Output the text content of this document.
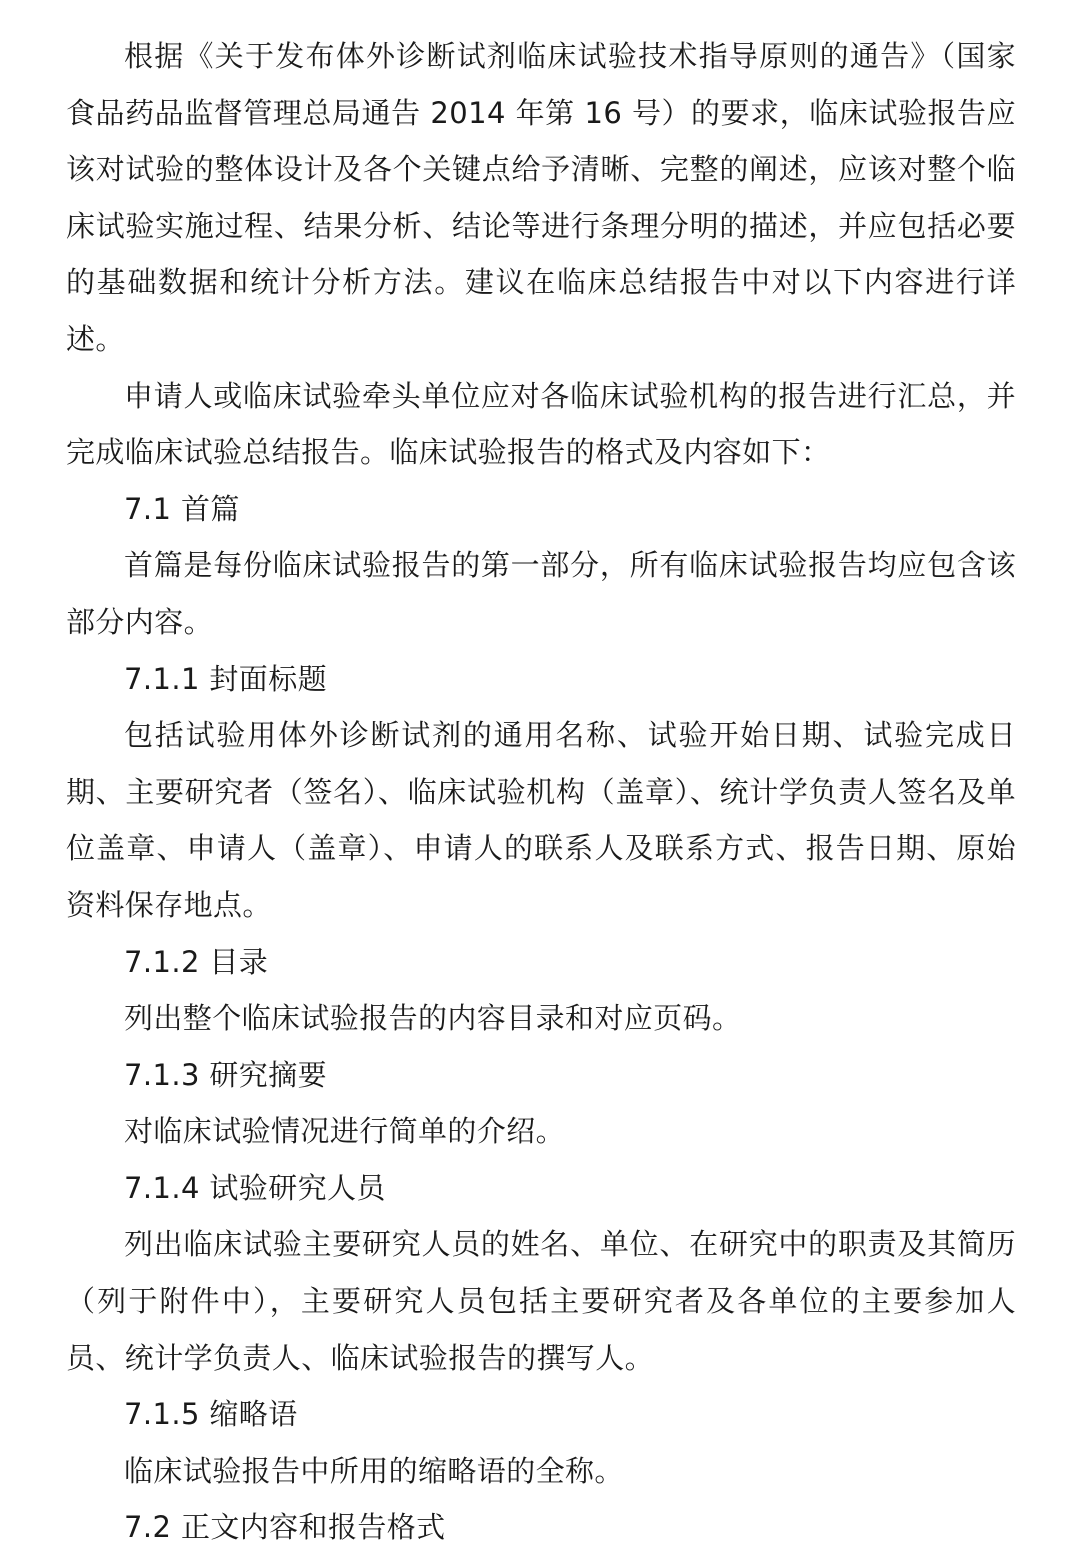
根据《关于发布体外诊断试剂临床试验技术指导原则的通告》（国家食品药品监督管理总局通告 2014 年第 16 号）的要求，临床试验报告应该对试验的整体设计及各个关键点给予清晰、完整的阐述，应该对整个临床试验实施过程、结果分析、结论等进行条理分明的描述，并应包括必要的基础数据和统计分析方法。建议在临床总结报告中对以下内容进行详述。

申请人或临床试验牵头单位应对各临床试验机构的报告进行汇总，并完成临床试验总结报告。临床试验报告的格式及内容如下：

7.1 首篇

首篇是每份临床试验报告的第一部分，所有临床试验报告均应包含该部分内容。

7.1.1 封面标题

包括试验用体外诊断试剂的通用名称、试验开始日期、试验完成日期、主要研究者（签名）、临床试验机构（盖章）、统计学负责人签名及单位盖章、申请人（盖章）、申请人的联系人及联系方式、报告日期、原始资料保存地点。

7.1.2 目录

列出整个临床试验报告的内容目录和对应页码。

7.1.3 研究摘要

对临床试验情况进行简单的介绍。

7.1.4 试验研究人员

列出临床试验主要研究人员的姓名、单位、在研究中的职责及其简历（列于附件中），主要研究人员包括主要研究者及各单位的主要参加人员、统计学负责人、临床试验报告的撰写人。

7.1.5 缩略语

临床试验报告中所用的缩略语的全称。

7.2 正文内容和报告格式
